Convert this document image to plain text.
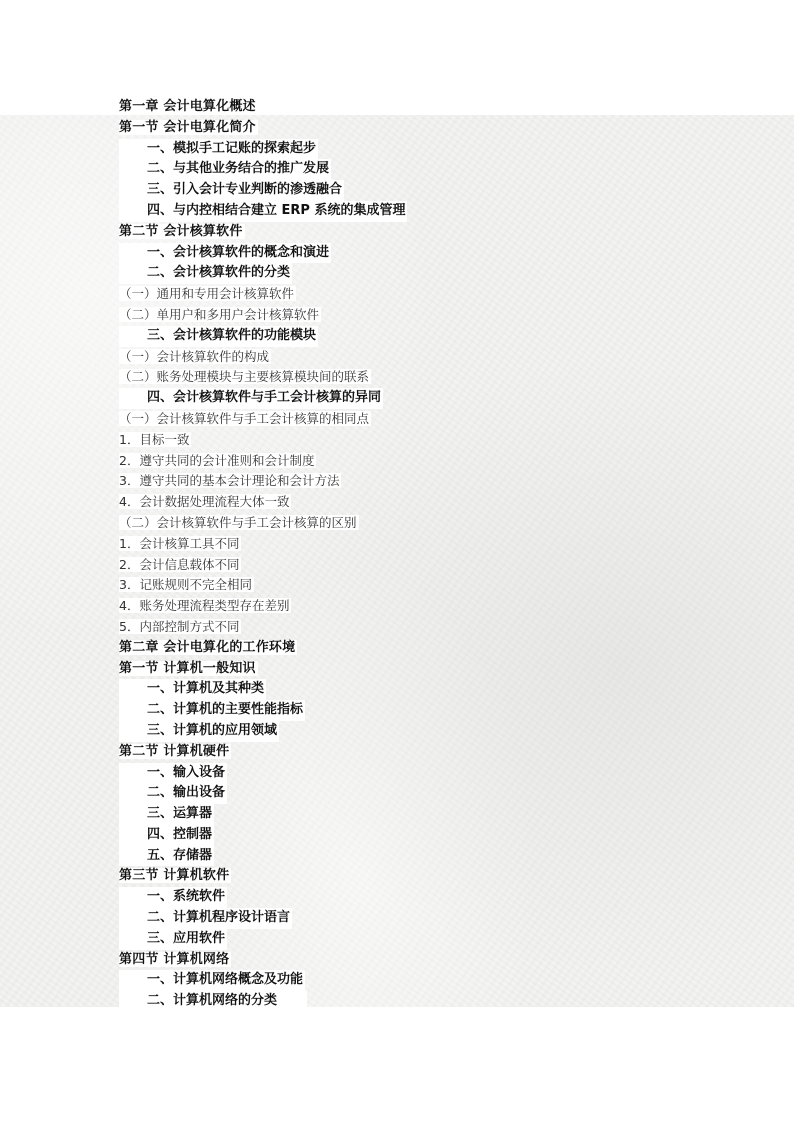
第一章 会计电算化概述
第一节 会计电算化简介
一、模拟手工记账的探索起步
二、与其他业务结合的推广发展
三、引入会计专业判断的渗透融合
四、与内控相结合建立 ERP 系统的集成管理
第二节 会计核算软件
一、会计核算软件的概念和演进
二、会计核算软件的分类
（一）通用和专用会计核算软件
（二）单用户和多用户会计核算软件
三、会计核算软件的功能模块
（一）会计核算软件的构成
（二）账务处理模块与主要核算模块间的联系
四、会计核算软件与手工会计核算的异同
（一）会计核算软件与手工会计核算的相同点
1．目标一致
2．遵守共同的会计准则和会计制度
3．遵守共同的基本会计理论和会计方法
4．会计数据处理流程大体一致
（二）会计核算软件与手工会计核算的区别
1．会计核算工具不同
2．会计信息载体不同
3．记账规则不完全相同
4．账务处理流程类型存在差别
5．内部控制方式不同
第二章 会计电算化的工作环境
第一节 计算机一般知识
一、计算机及其种类
二、计算机的主要性能指标
三、计算机的应用领域
第二节 计算机硬件
一、输入设备
二、输出设备
三、运算器
四、控制器
五、存储器
第三节 计算机软件
一、系统软件
二、计算机程序设计语言
三、应用软件
第四节 计算机网络
一、计算机网络概念及功能
二、计算机网络的分类
